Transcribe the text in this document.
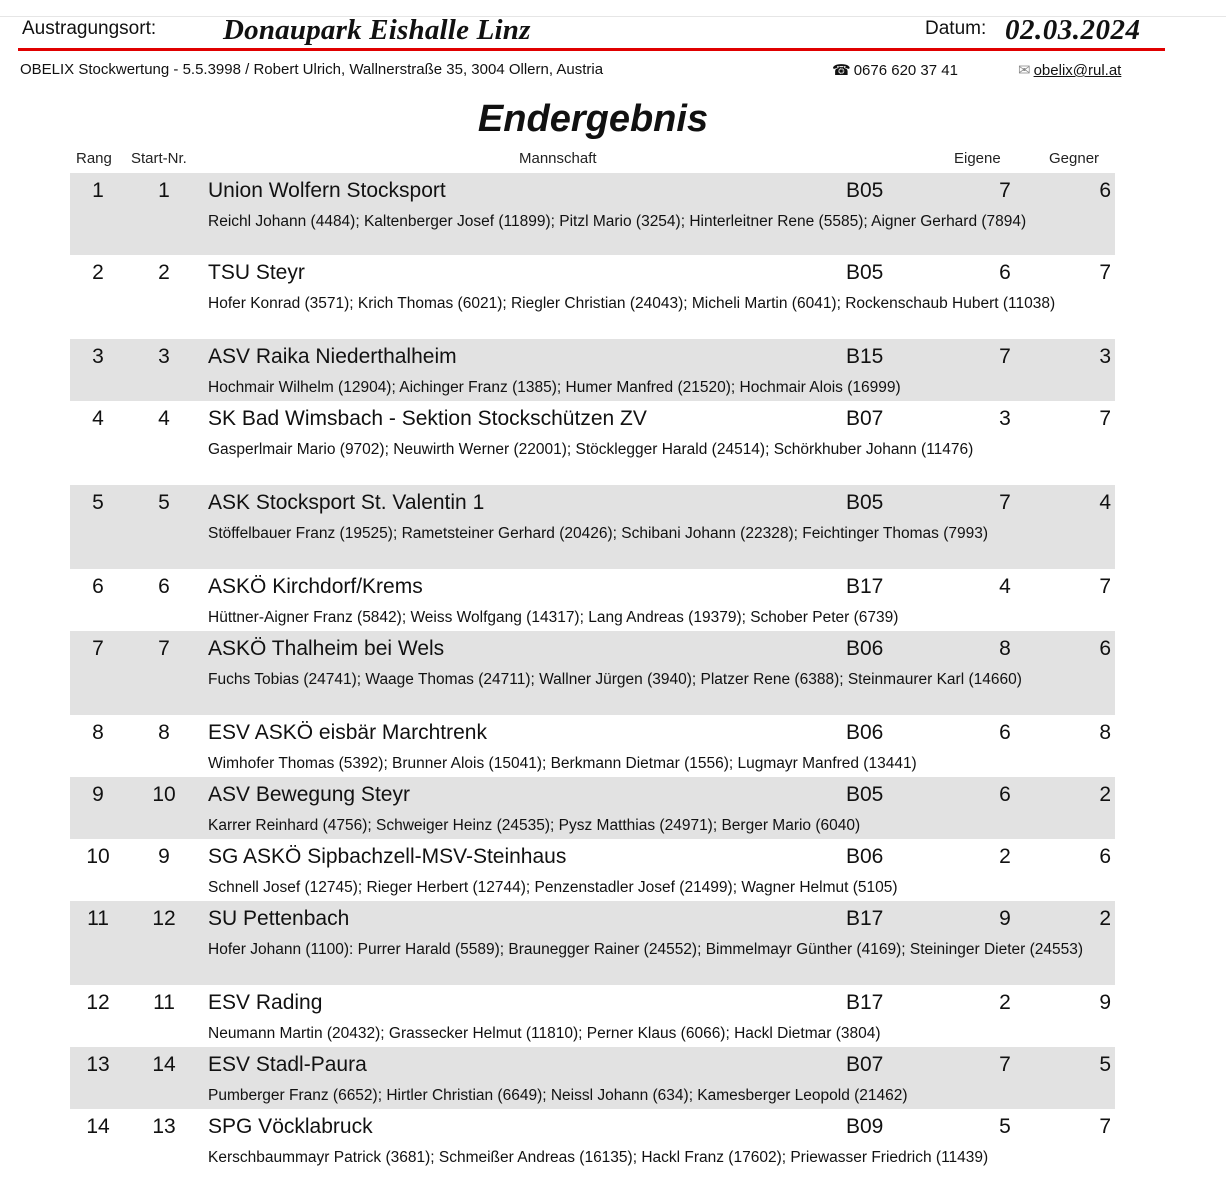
Austragungsort: Donaupark Eishalle Linz	Datum: 02.03.2024
OBELIX Stockwertung - 5.5.3998 / Robert Ulrich, Wallnerstraße 35, 3004 Ollern, Austria	☎ 0676 620 37 41	✉ obelix@rul.at
Endergebnis
Rang Start-Nr.	Mannschaft	Eigene	Gegner
1	1	Union Wolfern Stocksport	B05	7	6
Reichl Johann (4484); Kaltenberger Josef (11899); Pitzl Mario (3254); Hinterleitner Rene (5585); Aigner Gerhard (7894)
2	2	TSU Steyr	B05	6	7
Hofer Konrad (3571); Krich Thomas (6021); Riegler Christian (24043); Micheli Martin (6041); Rockenschaub Hubert (11038)
3	3	ASV Raika Niederthalheim	B15	7	3
Hochmair Wilhelm (12904); Aichinger Franz (1385); Humer Manfred (21520); Hochmair Alois (16999)
4	4	SK Bad Wimsbach - Sektion Stockschützen ZV	B07	3	7
Gasperlmair Mario (9702); Neuwirth Werner (22001); Stöcklegger Harald (24514); Schörkhuber Johann (11476)
5	5	ASK Stocksport St. Valentin 1	B05	7	4
Stöffelbauer Franz (19525); Rametsteiner Gerhard (20426); Schibani Johann (22328); Feichtinger Thomas (7993)
6	6	ASKÖ Kirchdorf/Krems	B17	4	7
Hüttner-Aigner Franz (5842); Weiss Wolfgang (14317); Lang Andreas (19379); Schober Peter (6739)
7	7	ASKÖ Thalheim bei Wels	B06	8	6
Fuchs Tobias (24741); Waage Thomas (24711); Wallner Jürgen (3940); Platzer Rene (6388); Steinmaurer Karl (14660)
8	8	ESV ASKÖ eisbär Marchtrenk	B06	6	8
Wimhofer Thomas (5392); Brunner Alois (15041); Berkmann Dietmar (1556); Lugmayr Manfred (13441)
9	10	ASV Bewegung Steyr	B05	6	2
Karrer Reinhard (4756); Schweiger Heinz (24535); Pysz Matthias (24971); Berger Mario (6040)
10	9	SG ASKÖ Sipbachzell-MSV-Steinhaus	B06	2	6
Schnell Josef (12745); Rieger Herbert (12744); Penzenstadler Josef (21499); Wagner Helmut (5105)
11	12	SU Pettenbach	B17	9	2
Hofer Johann (1100): Purrer Harald (5589); Braunegger Rainer (24552); Bimmelmayr Günther (4169); Steininger Dieter (24553)
12	11	ESV Rading	B17	2	9
Neumann Martin (20432); Grassecker Helmut (11810); Perner Klaus (6066); Hackl Dietmar (3804)
13	14	ESV Stadl-Paura	B07	7	5
Pumberger Franz (6652); Hirtler Christian (6649); Neissl Johann (634); Kamesberger Leopold (21462)
14	13	SPG Vöcklabruck	B09	5	7
Kerschbaummayr Patrick (3681); Schmeißer Andreas (16135); Hackl Franz (17602); Priewasser Friedrich (11439)
